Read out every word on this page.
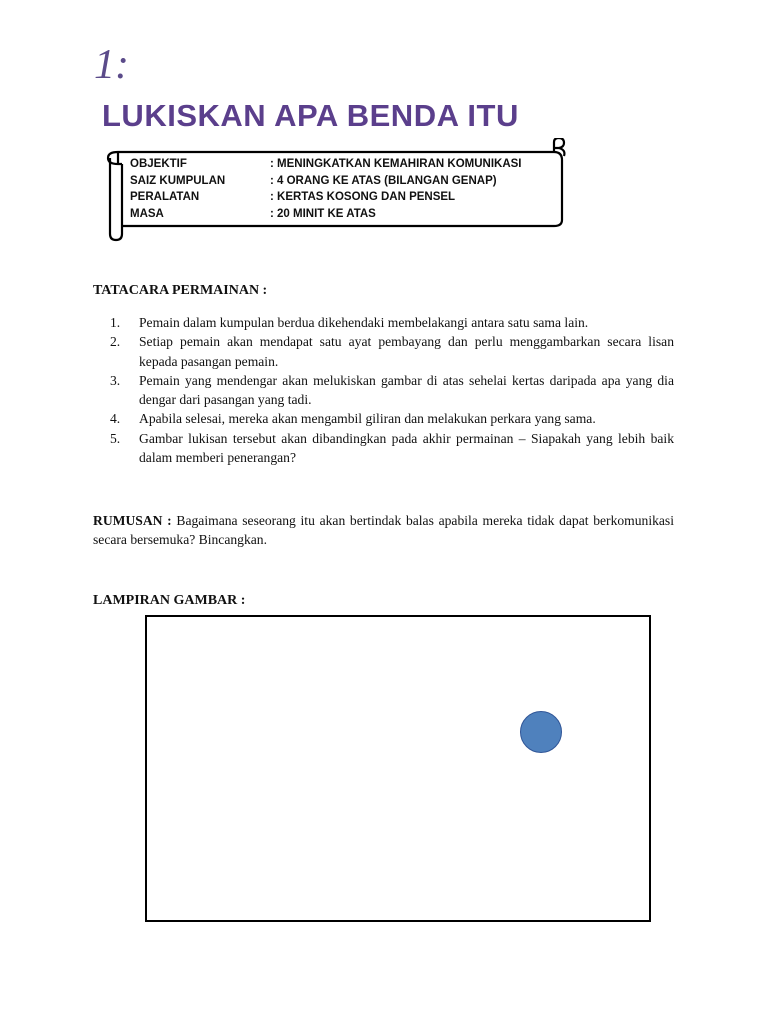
1:
LUKISKAN APA BENDA ITU
OBJEKTIF	: MENINGKATKAN KEMAHIRAN KOMUNIKASI
SAIZ KUMPULAN	: 4 ORANG KE ATAS (BILANGAN GENAP)
PERALATAN	: KERTAS KOSONG DAN PENSEL
MASA	: 20 MINIT KE ATAS
TATACARA PERMAINAN :
1.	Pemain dalam kumpulan berdua dikehendaki membelakangi antara satu sama lain.
2.	Setiap pemain akan mendapat satu ayat pembayang dan perlu menggambarkan secara lisan kepada pasangan pemain.
3.	Pemain yang mendengar akan melukiskan gambar di atas sehelai kertas daripada apa yang dia dengar dari pasangan yang tadi.
4.	Apabila selesai, mereka akan mengambil giliran dan melakukan perkara yang sama.
5.	Gambar lukisan tersebut akan dibandingkan pada akhir permainan – Siapakah yang lebih baik dalam memberi penerangan?
RUMUSAN : Bagaimana seseorang itu akan bertindak balas apabila mereka tidak dapat berkomunikasi secara bersemuka? Bincangkan.
LAMPIRAN GAMBAR :
